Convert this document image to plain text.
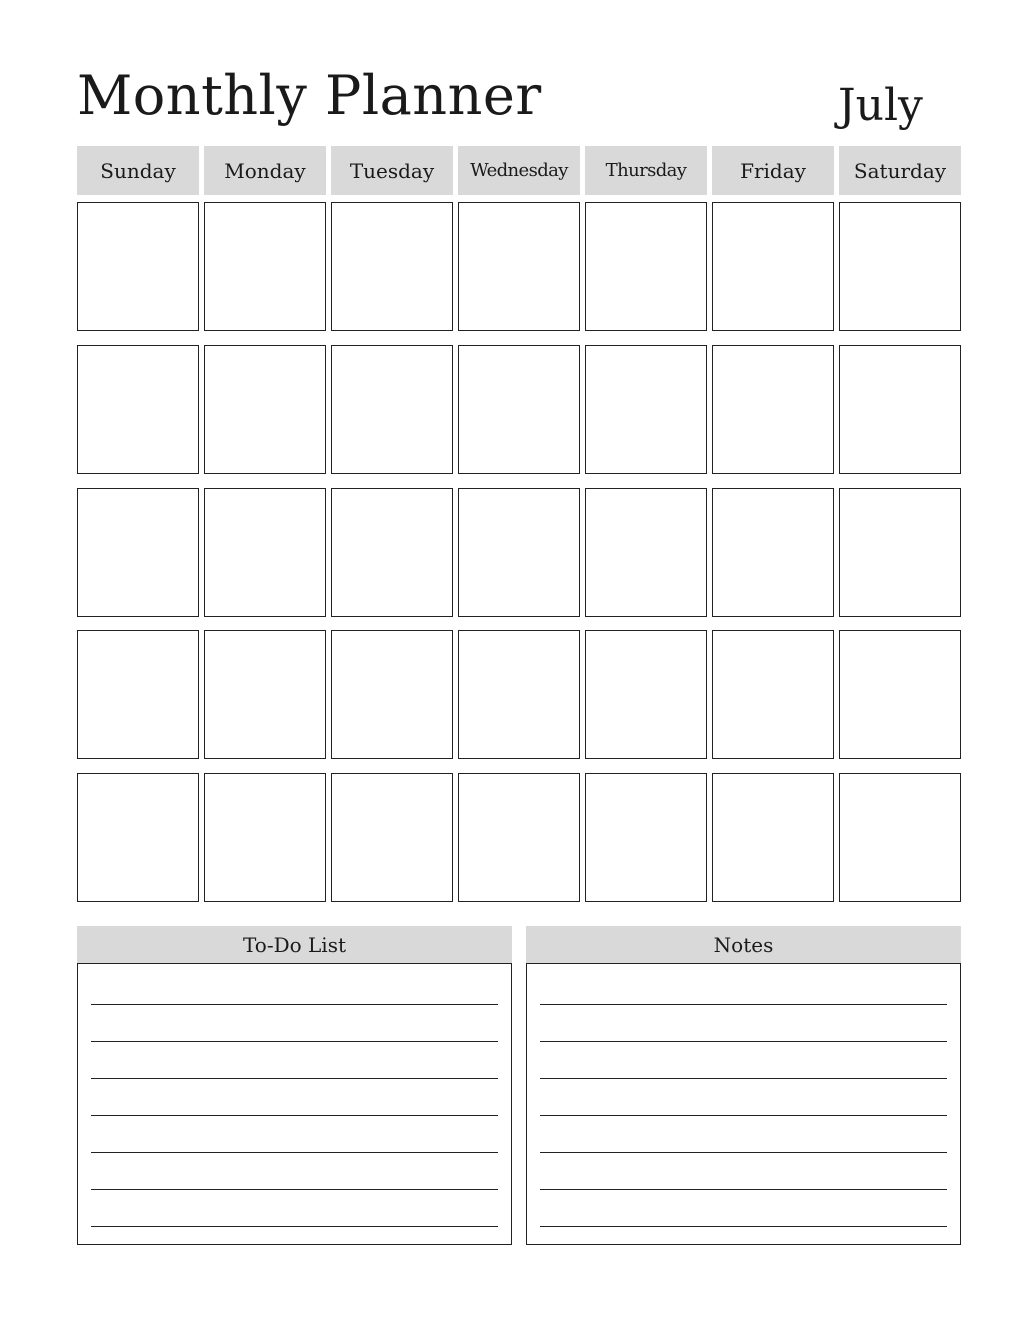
Monthly Planner	July
Sunday	Monday	Tuesday	Wednesday	Thursday	Friday	Saturday
To-Do List	Notes
